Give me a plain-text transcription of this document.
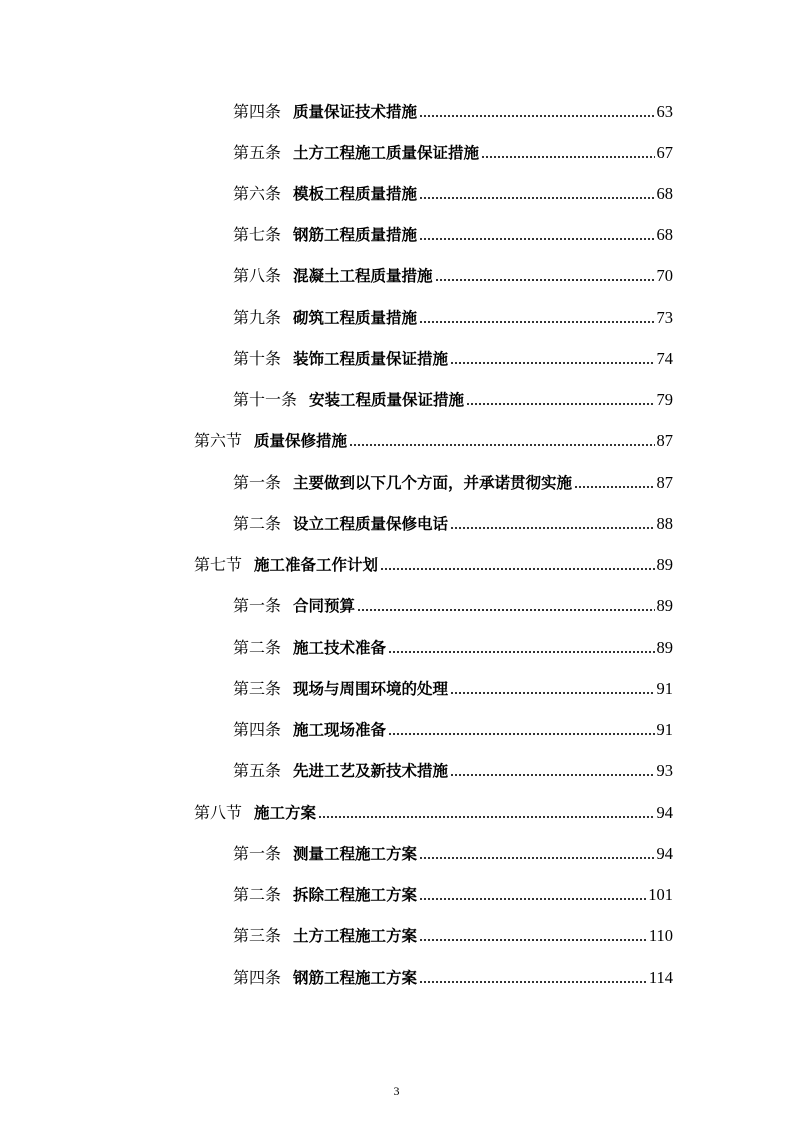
第四条 质量保证技术措施	63
第五条 土方工程施工质量保证措施	67
第六条 模板工程质量措施	68
第七条 钢筋工程质量措施	68
第八条 混凝土工程质量措施	70
第九条 砌筑工程质量措施	73
第十条 装饰工程质量保证措施	74
第十一条 安装工程质量保证措施	79
第六节 质量保修措施	87
第一条 主要做到以下几个方面，并承诺贯彻实施	87
第二条 设立工程质量保修电话	88
第七节 施工准备工作计划	89
第一条 合同预算	89
第二条 施工技术准备	89
第三条 现场与周围环境的处理	91
第四条 施工现场准备	91
第五条 先进工艺及新技术措施	93
第八节 施工方案	94
第一条 测量工程施工方案	94
第二条 拆除工程施工方案	101
第三条 土方工程施工方案	110
第四条 钢筋工程施工方案	114
3
